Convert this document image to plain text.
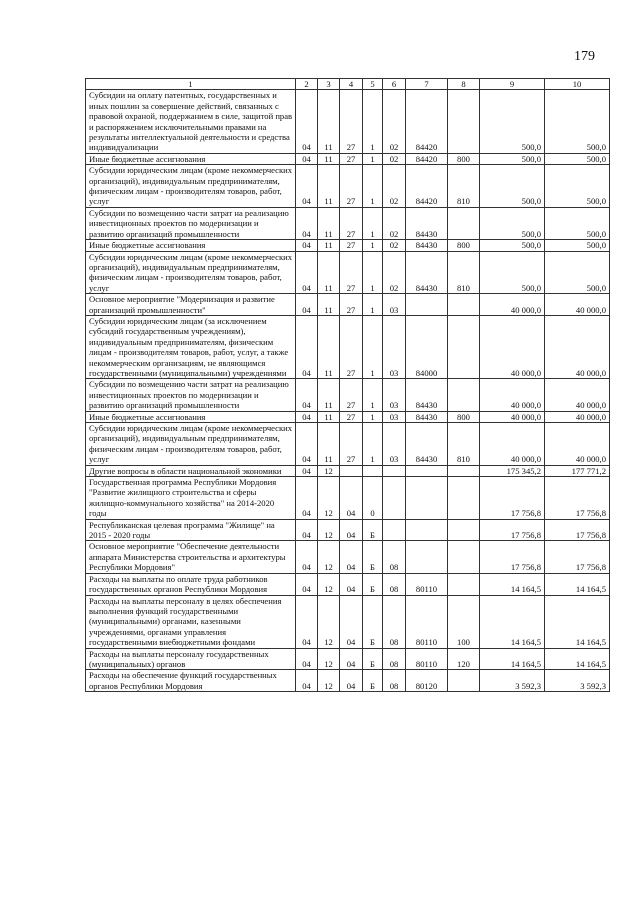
179
1	2	3	4	5	6	7	8	9	10
Субсидии на оплату патентных, государственных и иных пошлин за совершение действий, связанных с правовой охраной, поддержанием в силе, защитой прав и распоряжением исключительными правами на результаты интеллектуальной деятельности и средства индивидуализации	04	11	27	1	02	84420		500,0	500,0
Иные бюджетные ассигнования	04	11	27	1	02	84420	800	500,0	500,0
Субсидии юридическим лицам (кроме некоммерческих организаций), индивидуальным предпринимателям, физическим лицам - производителям товаров, работ, услуг	04	11	27	1	02	84420	810	500,0	500,0
Субсидии по возмещению части затрат на реализацию инвестиционных проектов по модернизации и развитию организаций промышленности	04	11	27	1	02	84430		500,0	500,0
Иные бюджетные ассигнования	04	11	27	1	02	84430	800	500,0	500,0
Субсидии юридическим лицам (кроме некоммерческих организаций), индивидуальным предпринимателям, физическим лицам - производителям товаров, работ, услуг	04	11	27	1	02	84430	810	500,0	500,0
Основное мероприятие "Модернизация и развитие организаций промышленности"	04	11	27	1	03			40 000,0	40 000,0
Субсидии юридическим лицам (за исключением субсидий государственным учреждениям), индивидуальным предпринимателям, физическим лицам - производителям товаров, работ, услуг, а также некоммерческим организациям, не являющимся государственными (муниципальными) учреждениями	04	11	27	1	03	84000		40 000,0	40 000,0
Субсидии по возмещению части затрат на реализацию инвестиционных проектов по модернизации и развитию организаций промышленности	04	11	27	1	03	84430		40 000,0	40 000,0
Иные бюджетные ассигнования	04	11	27	1	03	84430	800	40 000,0	40 000,0
Субсидии юридическим лицам (кроме некоммерческих организаций), индивидуальным предпринимателям, физическим лицам - производителям товаров, работ, услуг	04	11	27	1	03	84430	810	40 000,0	40 000,0
Другие вопросы в области национальной экономики	04	12						175 345,2	177 771,2
Государственная программа Республики Мордовия "Развитие жилищного строительства и сферы жилищно-коммунального хозяйства" на 2014-2020 годы	04	12	04	0				17 756,8	17 756,8
Республиканская целевая программа "Жилище" на 2015 - 2020 годы	04	12	04	Б				17 756,8	17 756,8
Основное мероприятие "Обеспечение деятельности аппарата Министерства строительства и архитектуры Республики Мордовия"	04	12	04	Б	08			17 756,8	17 756,8
Расходы на выплаты по оплате труда работников государственных органов Республики Мордовия	04	12	04	Б	08	80110		14 164,5	14 164,5
Расходы на выплаты персоналу в целях обеспечения выполнения функций государственными (муниципальными) органами, казенными учреждениями, органами управления государственными внебюджетными фондами	04	12	04	Б	08	80110	100	14 164,5	14 164,5
Расходы на выплаты персоналу государственных (муниципальных) органов	04	12	04	Б	08	80110	120	14 164,5	14 164,5
Расходы на обеспечение функций государственных органов Республики Мордовия	04	12	04	Б	08	80120		3 592,3	3 592,3
